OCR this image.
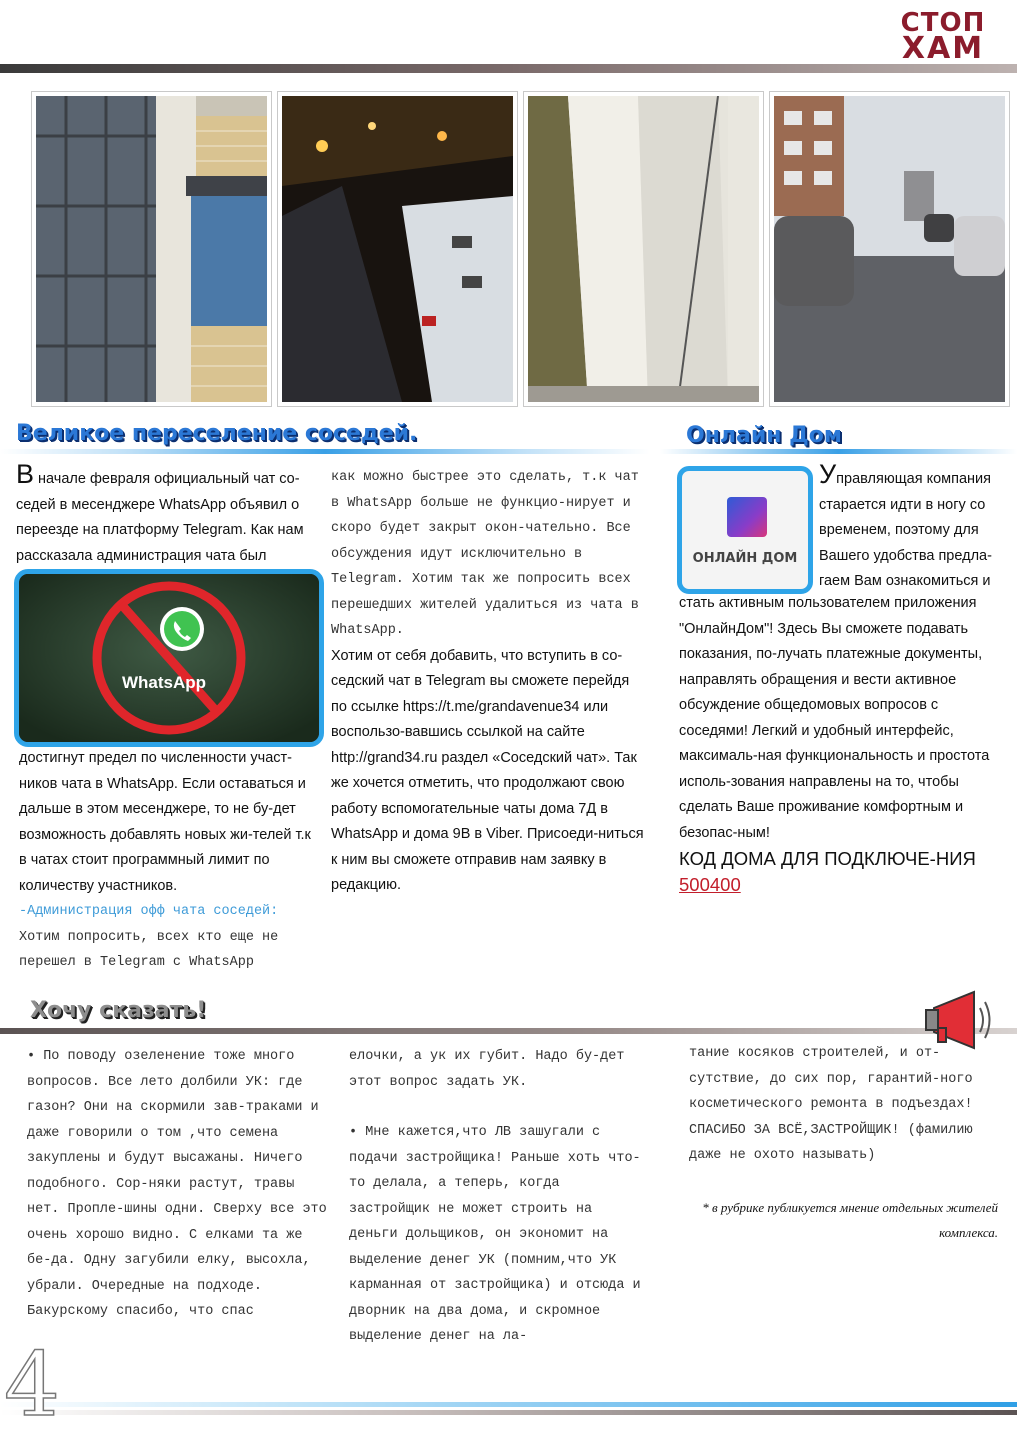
СТОП
ХАМ
Великое переселение соседей.

В начале февраля официальный чат со-седей в месенджере WhatsApp объявил о переезде на платформу Telegram. Как нам рассказала администрация чата был

WhatsApp

достигнут предел по численности участ-ников чата в WhatsApp. Если оставаться и дальше в этом месенджере, то не бу-дет возможность добавлять новых жи-телей т.к в чатах стоит программный лимит по количеству участников.

-Администрация офф чата соседей:
Хотим попросить, всех кто еще не перешел в Telegram с WhatsApp
как можно быстрее это сделать, т.к чат в WhatsApp больше не функцио-нирует и скоро будет закрыт окон-чательно. Все обсуждения идут исключительно в Telegram. Хотим так же попросить всех перешедших жителей удалиться из чата в WhatsApp.
Хотим от себя добавить, что вступить в со-седский чат в Telegram вы сможете перейдя по ссылке https://t.me/grandavenue34 или воспользо-вавшись ссылкой на сайте http://grand34.ru раздел «Соседский чат». Так же хочется отметить, что продолжают свою работу вспомогательные чаты дома 7Д в WhatsApp и дома 9В в Viber. Присоеди-ниться к ним вы сможете отправив нам заявку в редакцию.
Онлайн Дом
ОНЛАЙН ДОМ

Управляющая компания старается идти в ногу со временем, поэтому для Вашего удобства предла-гаем Вам ознакомиться и

стать активным пользователем приложения "ОнлайнДом"! Здесь Вы сможете подавать показания, по-лучать платежные документы, направлять обращения и вести активное обсуждение общедомовых вопросов с соседями! Легкий и удобный интерфейс, максималь-ная функциональность и простота исполь-зования направлены на то, чтобы сделать Ваше проживание комфортным и безопас-ным!

КОД ДОМА ДЛЯ ПОДКЛЮЧЕ-НИЯ 500400
Хочу сказать!
• По поводу озеленение тоже много вопросов. Все лето долбили УК: где газон? Они на скормили зав-траками и даже говорили о том ,что семена закуплены и будут высажаны. Ничего подобного. Сор-няки растут, травы нет. Пропле-шины одни. Сверху все это очень хорошо видно. С елками та же бе-да. Одну загубили елку, высохла, убрали. Очередные на подходе. Бакурскому спасибо, что спас
елочки, а ук их губит. Надо бу-дет этот вопрос задать УК.
• Мне кажется,что ЛВ зашугали с подачи застройщика! Раньше хоть что-то делала, а теперь, когда застройщик не может строить на деньги дольщиков, он экономит на выделение денег УК (помним,что УК карманная от застройщика) и отсюда и дворник на два дома, и скромное выделение денег на ла-
тание косяков строителей, и от-сутствие, до сих пор, гарантий-ного косметического ремонта в подъездах! СПАСИБО ЗА ВСЁ,ЗАСТРОЙЩИК! (фамилию даже не охото называть)
* в рубрике публикуется мнение отдельных жителей комплекса.
4
